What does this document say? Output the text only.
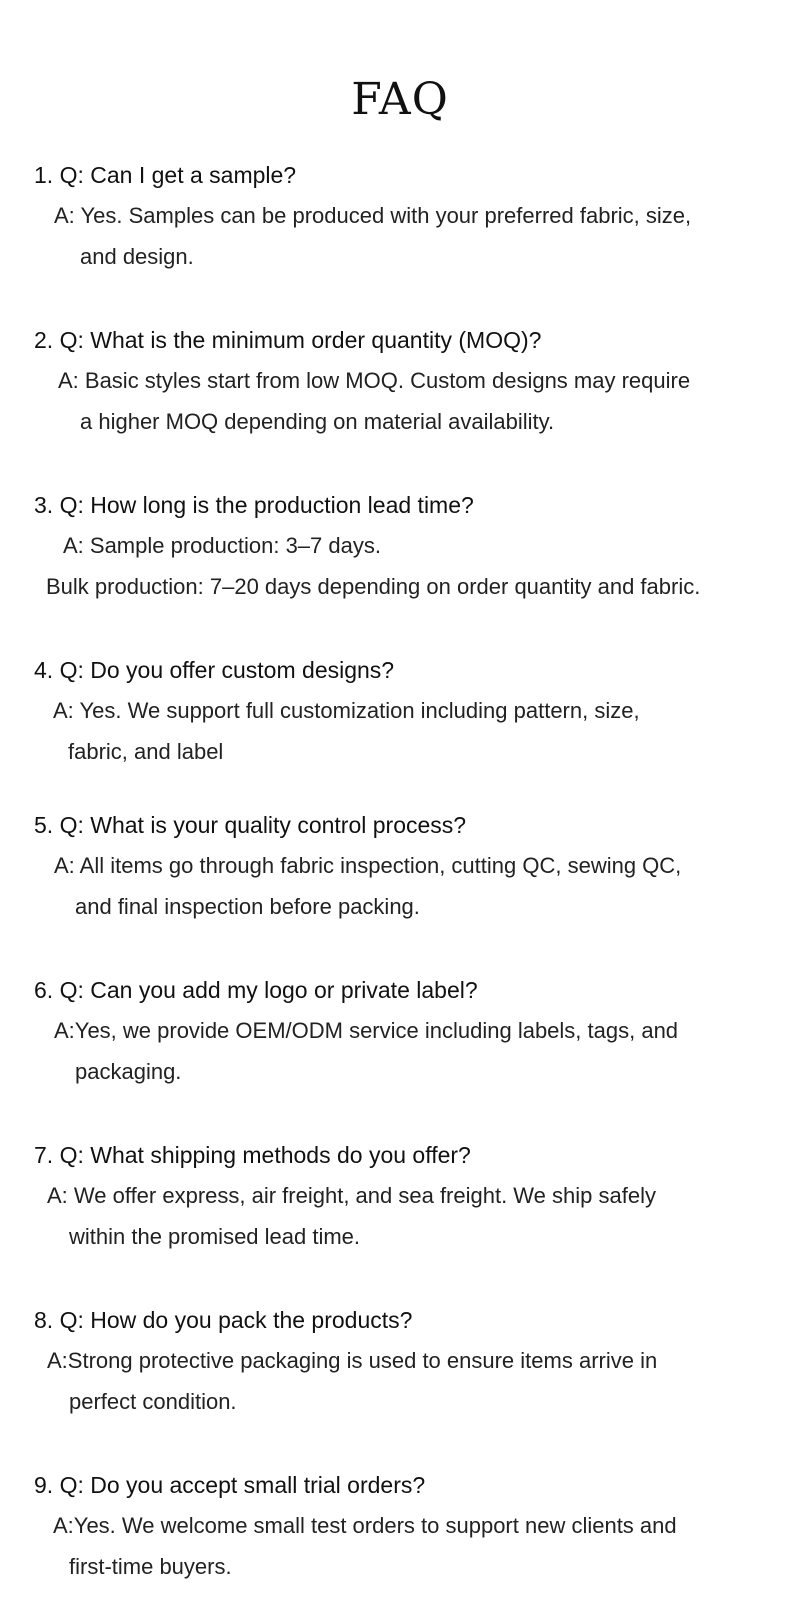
FAQ
1. Q: Can I get a sample?
A: Yes. Samples can be produced with your preferred fabric, size,
and design.
2. Q: What is the minimum order quantity (MOQ)?
A: Basic styles start from low MOQ. Custom designs may require
a higher MOQ depending on material availability.
3. Q: How long is the production lead time?
A: Sample production: 3–7 days.
Bulk production: 7–20 days depending on order quantity and fabric.
4. Q: Do you offer custom designs?
A: Yes. We support full customization including pattern, size,
fabric, and label
5. Q: What is your quality control process?
A: All items go through fabric inspection, cutting QC, sewing QC,
and final inspection before packing.
6. Q: Can you add my logo or private label?
A:Yes, we provide OEM/ODM service including labels, tags, and
packaging.
7. Q: What shipping methods do you offer?
A: We offer express, air freight, and sea freight. We ship safely
within the promised lead time.
8. Q: How do you pack the products?
A:Strong protective packaging is used to ensure items arrive in
perfect condition.
9. Q: Do you accept small trial orders?
A:Yes. We welcome small test orders to support new clients and
first-time buyers.
